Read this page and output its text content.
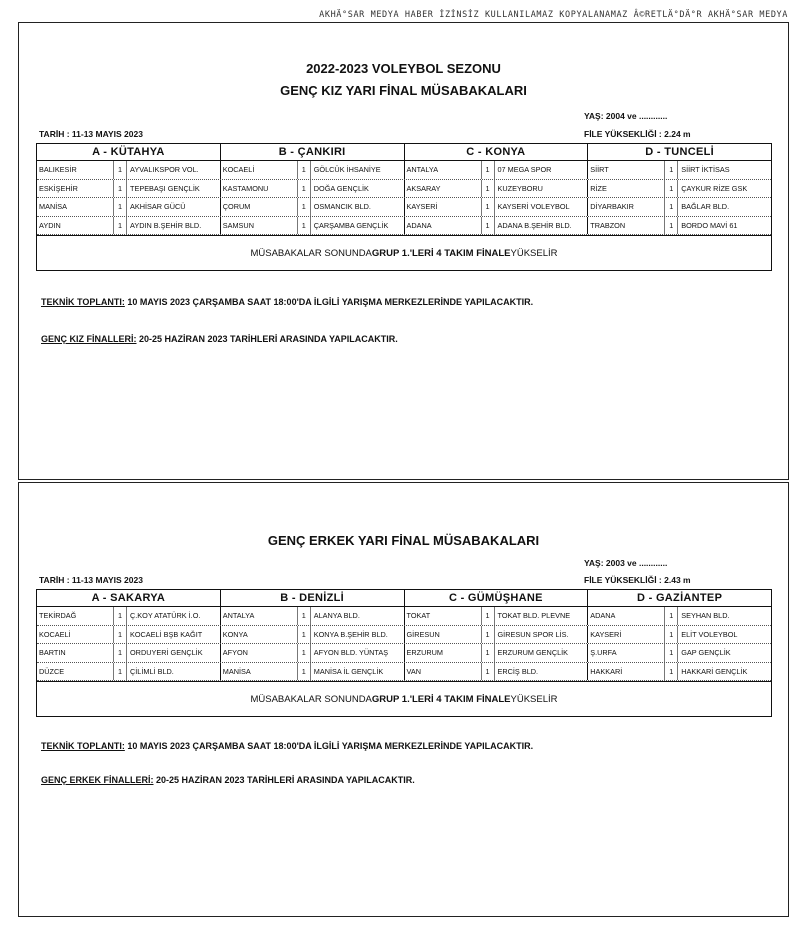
AKHÄ°SAR MEDYA HABER İZİNSİZ KULLANILAMAZ KOPYALANAMAZ Â©RETLÄ°DÄ°R AKHÄ°SAR MEDYA
2022-2023 VOLEYBOL SEZONU
GENÇ KIZ YARI FİNAL MÜSABAKALARI
YAŞ: 2004 ve ............
TARİH : 11-13 MAYIS 2023	FİLE YÜKSEKLİĞİ : 2.24 m
A - KÜTAHYA	B - ÇANKIRI	C - KONYA	D - TUNCELİ
BALIKESİR	1	AYVALIKSPOR VOL.	KOCAELİ	1	GÖLCÜK İHSANİYE	ANTALYA	1	07 MEGA SPOR	SİİRT	1	SİİRT İKTİSAS
ESKİŞEHİR	1	TEPEBAŞI GENÇLİK	KASTAMONU	1	DOĞA GENÇLİK	AKSARAY	1	KUZEYBORU	RİZE	1	ÇAYKUR RİZE GSK
MANİSA	1	AKHİSAR GÜCÜ	ÇORUM	1	OSMANCIK BLD.	KAYSERİ	1	KAYSERİ VOLEYBOL	DİYARBAKIR	1	BAĞLAR BLD.
AYDIN	1	AYDIN B.ŞEHİR BLD.	SAMSUN	1	ÇARŞAMBA GENÇLİK	ADANA	1	ADANA B.ŞEHİR BLD.	TRABZON	1	BORDO MAVİ 61
MÜSABAKALAR SONUNDA GRUP 1.'LERİ 4 TAKIM FİNALE YÜKSELİR
TEKNİK TOPLANTI: 10 MAYIS 2023 ÇARŞAMBA SAAT 18:00'DA İLGİLİ YARIŞMA MERKEZLERİNDE YAPILACAKTIR.
GENÇ KIZ FİNALLERİ: 20-25 HAZİRAN 2023 TARİHLERİ ARASINDA YAPILACAKTIR.
GENÇ ERKEK YARI FİNAL MÜSABAKALARI
YAŞ: 2003 ve ............
TARİH : 11-13 MAYIS 2023	FİLE YÜKSEKLİĞİ : 2.43 m
A - SAKARYA	B - DENİZLİ	C - GÜMÜŞHANE	D - GAZİANTEP
TEKİRDAĞ	1	Ç.KOY ATATÜRK İ.O.	ANTALYA	1	ALANYA BLD.	TOKAT	1	TOKAT BLD. PLEVNE	ADANA	1	SEYHAN BLD.
KOCAELİ	1	KOCAELİ BŞB KAĞIT	KONYA	1	KONYA B.ŞEHİR BLD.	GİRESUN	1	GİRESUN SPOR LİS.	KAYSERİ	1	ELİT VOLEYBOL
BARTIN	1	ORDUYERİ GENÇLİK	AFYON	1	AFYON BLD. YÜNTAŞ	ERZURUM	1	ERZURUM GENÇLİK	Ş.URFA	1	GAP GENÇLİK
DÜZCE	1	ÇİLİMLİ BLD.	MANİSA	1	MANİSA İL GENÇLİK	VAN	1	ERCİŞ BLD.	HAKKARİ	1	HAKKARİ GENÇLİK
MÜSABAKALAR SONUNDA GRUP 1.'LERİ 4 TAKIM FİNALE YÜKSELİR
TEKNİK TOPLANTI: 10 MAYIS 2023 ÇARŞAMBA SAAT 18:00'DA İLGİLİ YARIŞMA MERKEZLERİNDE YAPILACAKTIR.
GENÇ ERKEK FİNALLERİ: 20-25 HAZİRAN 2023 TARİHLERİ ARASINDA YAPILACAKTIR.
